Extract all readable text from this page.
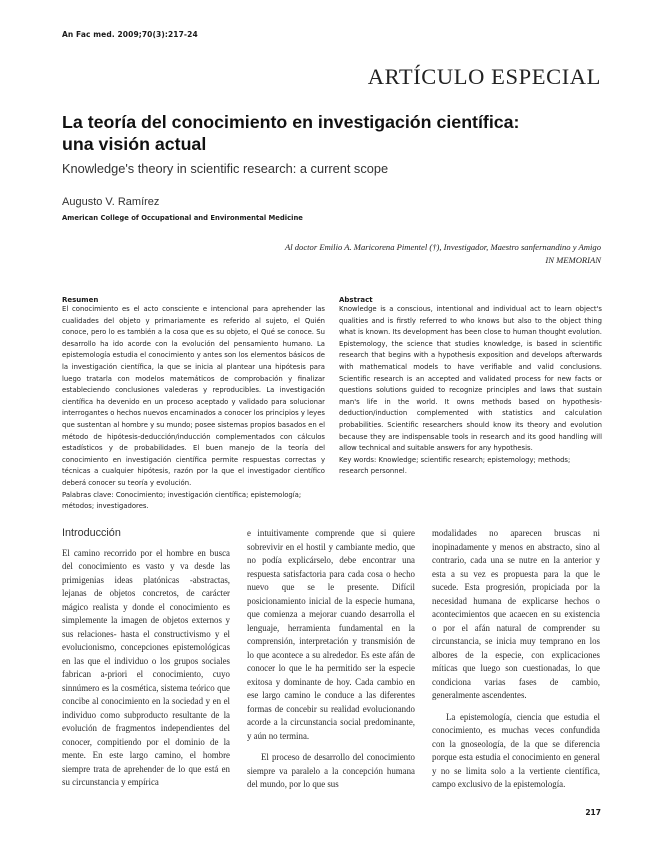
An Fac med. 2009;70(3):217-24
ARTÍCULO ESPECIAL
La teoría del conocimiento en investigación científica:
una visión actual
Knowledge's theory in scientific research: a current scope
Augusto V. Ramírez
American College of Occupational and Environmental Medicine
Al doctor Emilio A. Maricorena Pimentel (†), Investigador, Maestro sanfernandino y Amigo
IN MEMORIAN
Resumen
El conocimiento es el acto consciente e intencional para aprehender las cualidades del objeto y primariamente es referido al sujeto, el Quién conoce, pero lo es también a la cosa que es su objeto, el Qué se conoce. Su desarrollo ha ido acorde con la evolución del pensamiento humano. La epistemología estudia el conocimiento y antes son los elementos básicos de la investigación científica, la que se inicia al plantear una hipótesis para luego tratarla con modelos matemáticos de comprobación y finalizar estableciendo conclusiones valederas y reproducibles. La investigación científica ha devenido en un proceso aceptado y validado para solucionar interrogantes o hechos nuevos encaminados a conocer los principios y leyes que sustentan al hombre y su mundo; posee sistemas propios basados en el método de hipótesis-deducción/inducción complementados con cálculos estadísticos y de probabilidades. El buen manejo de la teoría del conocimiento en investigación científica permite respuestas correctas y técnicas a cualquier hipótesis, razón por la que el investigador científico deberá conocer su teoría y evolución.
Palabras clave: Conocimiento; investigación científica; epistemología; métodos; investigadores.
Abstract
Knowledge is a conscious, intentional and individual act to learn object's qualities and is firstly referred to who knows but also to the object thing what is known. Its development has been close to human thought evolution. Epistemology, the science that studies knowledge, is based in scientific research that begins with a hypothesis exposition and develops afterwards with mathematical models to have verifiable and valid conclusions. Scientific research is an accepted and validated process for new facts or questions solutions guided to recognize principles and laws that sustain man's life in the world. It owns methods based on hypothesis-deduction/induction complemented with statistics and calculation probabilities. Scientific researchers should know its theory and evolution because they are indispensable tools in research and its good handling will allow technical and suitable answers for any hypothesis.
Key words: Knowledge; scientific research; epistemology; methods; research personnel.
Introducción

El camino recorrido por el hombre en busca del conocimiento es vasto y va desde las primigenias ideas platónicas -abstractas, lejanas de objetos concretos, de carácter mágico realista y donde el conocimiento es simplemente la imagen de objetos externos y sus relaciones- hasta el constructivismo y el evolucionismo, concepciones epistemológicas en las que el individuo o los grupos sociales fabrican a-priori el conocimiento, cuyo sinnúmero es la cosmética, sistema teórico que concibe al conocimiento en la sociedad y en el individuo como subproducto resultante de la evolución de fragmentos independientes del conocer, compitiendo por el dominio de la mente. En este largo camino, el hombre siempre trata de aprehender de lo que está en su circunstancia y empírica

e intuitivamente comprende que si quiere sobrevivir en el hostil y cambiante medio, que no podía explicárselo, debe encontrar una respuesta satisfactoria para cada cosa o hecho nuevo que se le presente. Difícil posicionamiento inicial de la especie humana, que comienza a mejorar cuando desarrolla el lenguaje, herramienta fundamental en la comprensión, interpretación y transmisión de lo que acontece a su alrededor. Es este afán de conocer lo que le ha permitido ser la especie exitosa y dominante de hoy. Cada cambio en ese largo camino le conduce a las diferentes formas de concebir su realidad evolucionando acorde a la circunstancia social predominante, y aún no termina.

El proceso de desarrollo del conocimiento siempre va paralelo a la concepción humana del mundo, por lo que sus

modalidades no aparecen bruscas ni inopinadamente y menos en abstracto, sino al contrario, cada una se nutre en la anterior y esta a su vez es propuesta para la que le sucede. Esta progresión, propiciada por la necesidad humana de explicarse hechos o acontecimientos que acaecen en su existencia o por el afán natural de comprender su circunstancia, se inicia muy temprano en los albores de la especie, con explicaciones míticas que luego son cuestionadas, lo que condiciona varias fases de cambio, generalmente ascendentes.

La epistemología, ciencia que estudia el conocimiento, es muchas veces confundida con la gnoseología, de la que se diferencia porque esta estudia el conocimiento en general y no se limita solo a la vertiente científica, campo exclusivo de la epistemología.

217
